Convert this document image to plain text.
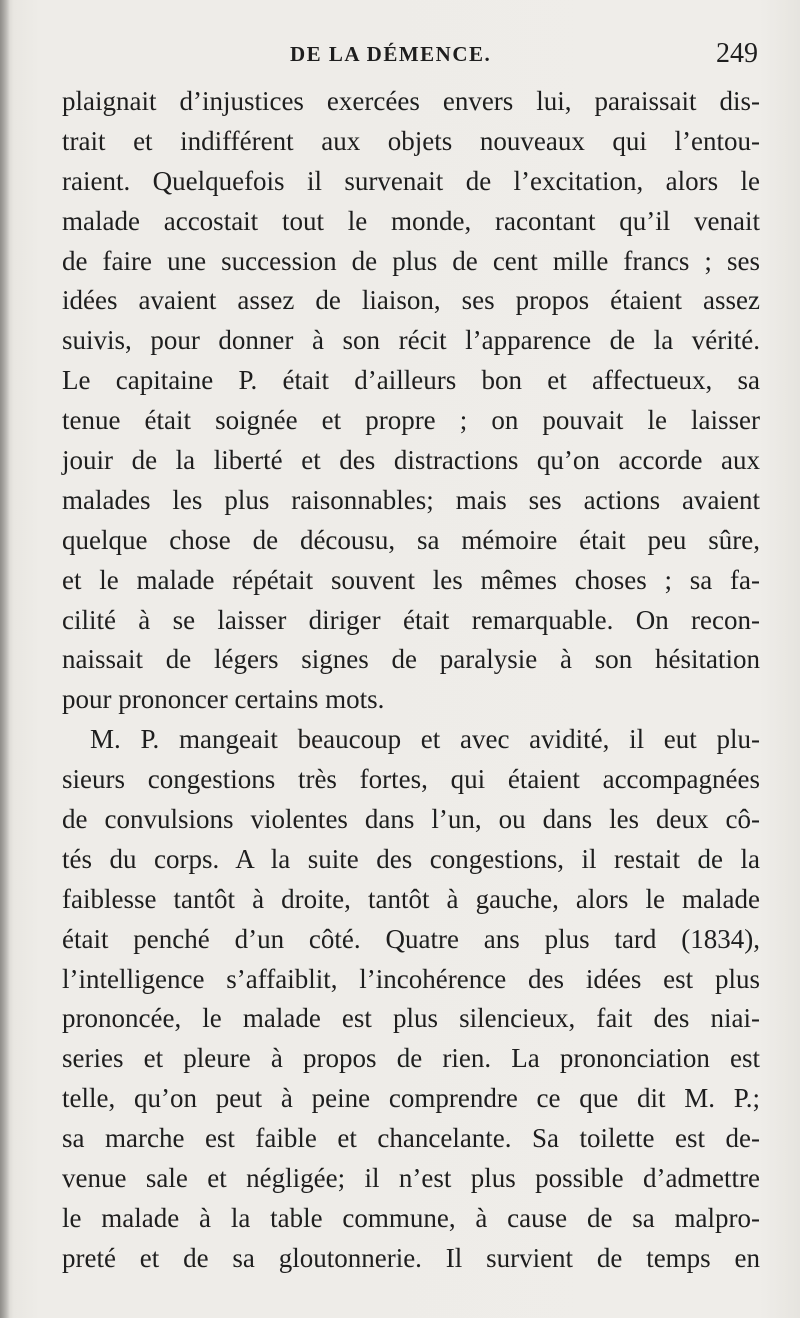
DE LA DÉMENCE.	249
plaignait d’injustices exercées envers lui, paraissait dis-
trait et indifférent aux objets nouveaux qui l’entou-
raient. Quelquefois il survenait de l’excitation, alors le
malade accostait tout le monde, racontant qu’il venait
de faire une succession de plus de cent mille francs ; ses
idées avaient assez de liaison, ses propos étaient assez
suivis, pour donner à son récit l’apparence de la vérité.
Le capitaine P. était d’ailleurs bon et affectueux, sa
tenue était soignée et propre ; on pouvait le laisser
jouir de la liberté et des distractions qu’on accorde aux
malades les plus raisonnables; mais ses actions avaient
quelque chose de décousu, sa mémoire était peu sûre,
et le malade répétait souvent les mêmes choses ; sa fa-
cilité à se laisser diriger était remarquable. On recon-
naissait de légers signes de paralysie à son hésitation
pour prononcer certains mots.
M. P. mangeait beaucoup et avec avidité, il eut plu-
sieurs congestions très fortes, qui étaient accompagnées
de convulsions violentes dans l’un, ou dans les deux cô-
tés du corps. A la suite des congestions, il restait de la
faiblesse tantôt à droite, tantôt à gauche, alors le malade
était penché d’un côté. Quatre ans plus tard (1834),
l’intelligence s’affaiblit, l’incohérence des idées est plus
prononcée, le malade est plus silencieux, fait des niai-
series et pleure à propos de rien. La prononciation est
telle, qu’on peut à peine comprendre ce que dit M. P.;
sa marche est faible et chancelante. Sa toilette est de-
venue sale et négligée; il n’est plus possible d’admettre
le malade à la table commune, à cause de sa malpro-
preté et de sa gloutonnerie. Il survient de temps en
